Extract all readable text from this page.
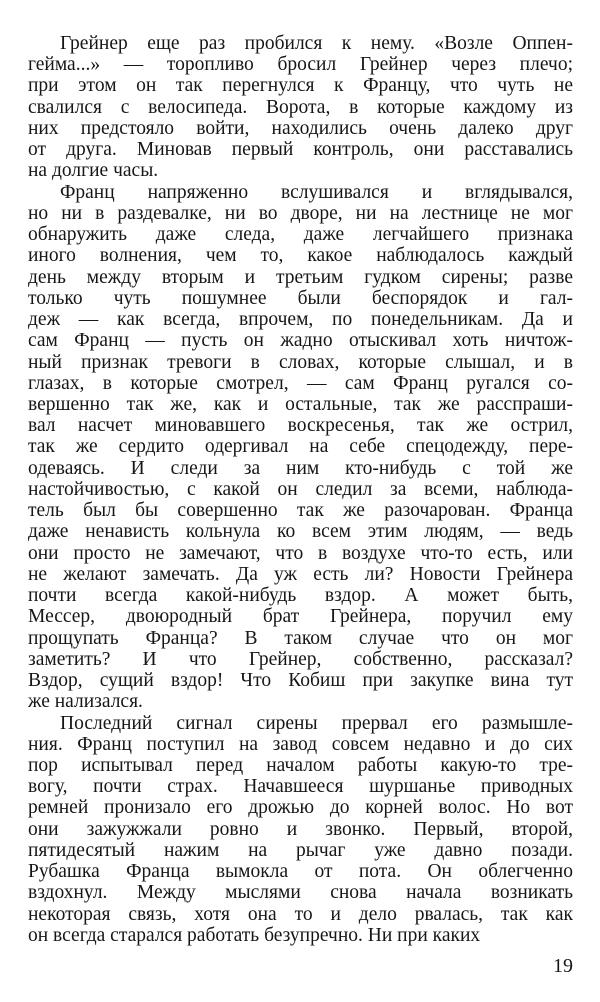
Грейнер еще раз пробился к нему. «Возле Оппен-
гейма...» — торопливо бросил Грейнер через плечо;
при этом он так перегнулся к Францу, что чуть не
свалился с велосипеда. Ворота, в которые каждому из
них предстояло войти, находились очень далеко друг
от друга. Миновав первый контроль, они расставались
на долгие часы.
Франц напряженно вслушивался и вглядывался,
но ни в раздевалке, ни во дворе, ни на лестнице не мог
обнаружить даже следа, даже легчайшего признака
иного волнения, чем то, какое наблюдалось каждый
день между вторым и третьим гудком сирены; разве
только чуть пошумнее были беспорядок и гал-
деж — как всегда, впрочем, по понедельникам. Да и
сам Франц — пусть он жадно отыскивал хоть ничтож-
ный признак тревоги в словах, которые слышал, и в
глазах, в которые смотрел, — сам Франц ругался со-
вершенно так же, как и остальные, так же расспраши-
вал насчет миновавшего воскресенья, так же острил,
так же сердито одергивал на себе спецодежду, пере-
одеваясь. И следи за ним кто-нибудь с той же
настойчивостью, с какой он следил за всеми, наблюда-
тель был бы совершенно так же разочарован. Франца
даже ненависть кольнула ко всем этим людям, — ведь
они просто не замечают, что в воздухе что-то есть, или
не желают замечать. Да уж есть ли? Новости Грейнера
почти всегда какой-нибудь вздор. А может быть,
Мессер, двоюродный брат Грейнера, поручил ему
прощупать Франца? В таком случае что он мог
заметить? И что Грейнер, собственно, рассказал?
Вздор, сущий вздор! Что Кобиш при закупке вина тут
же нализался.
Последний сигнал сирены прервал его размышле-
ния. Франц поступил на завод совсем недавно и до сих
пор испытывал перед началом работы какую-то тре-
вогу, почти страх. Начавшееся шуршанье приводных
ремней пронизало его дрожью до корней волос. Но вот
они зажужжали ровно и звонко. Первый, второй,
пятидесятый нажим на рычаг уже давно позади.
Рубашка Франца вымокла от пота. Он облегченно
вздохнул. Между мыслями снова начала возникать
некоторая связь, хотя она то и дело рвалась, так как
он всегда старался работать безупречно. Ни при каких
19
